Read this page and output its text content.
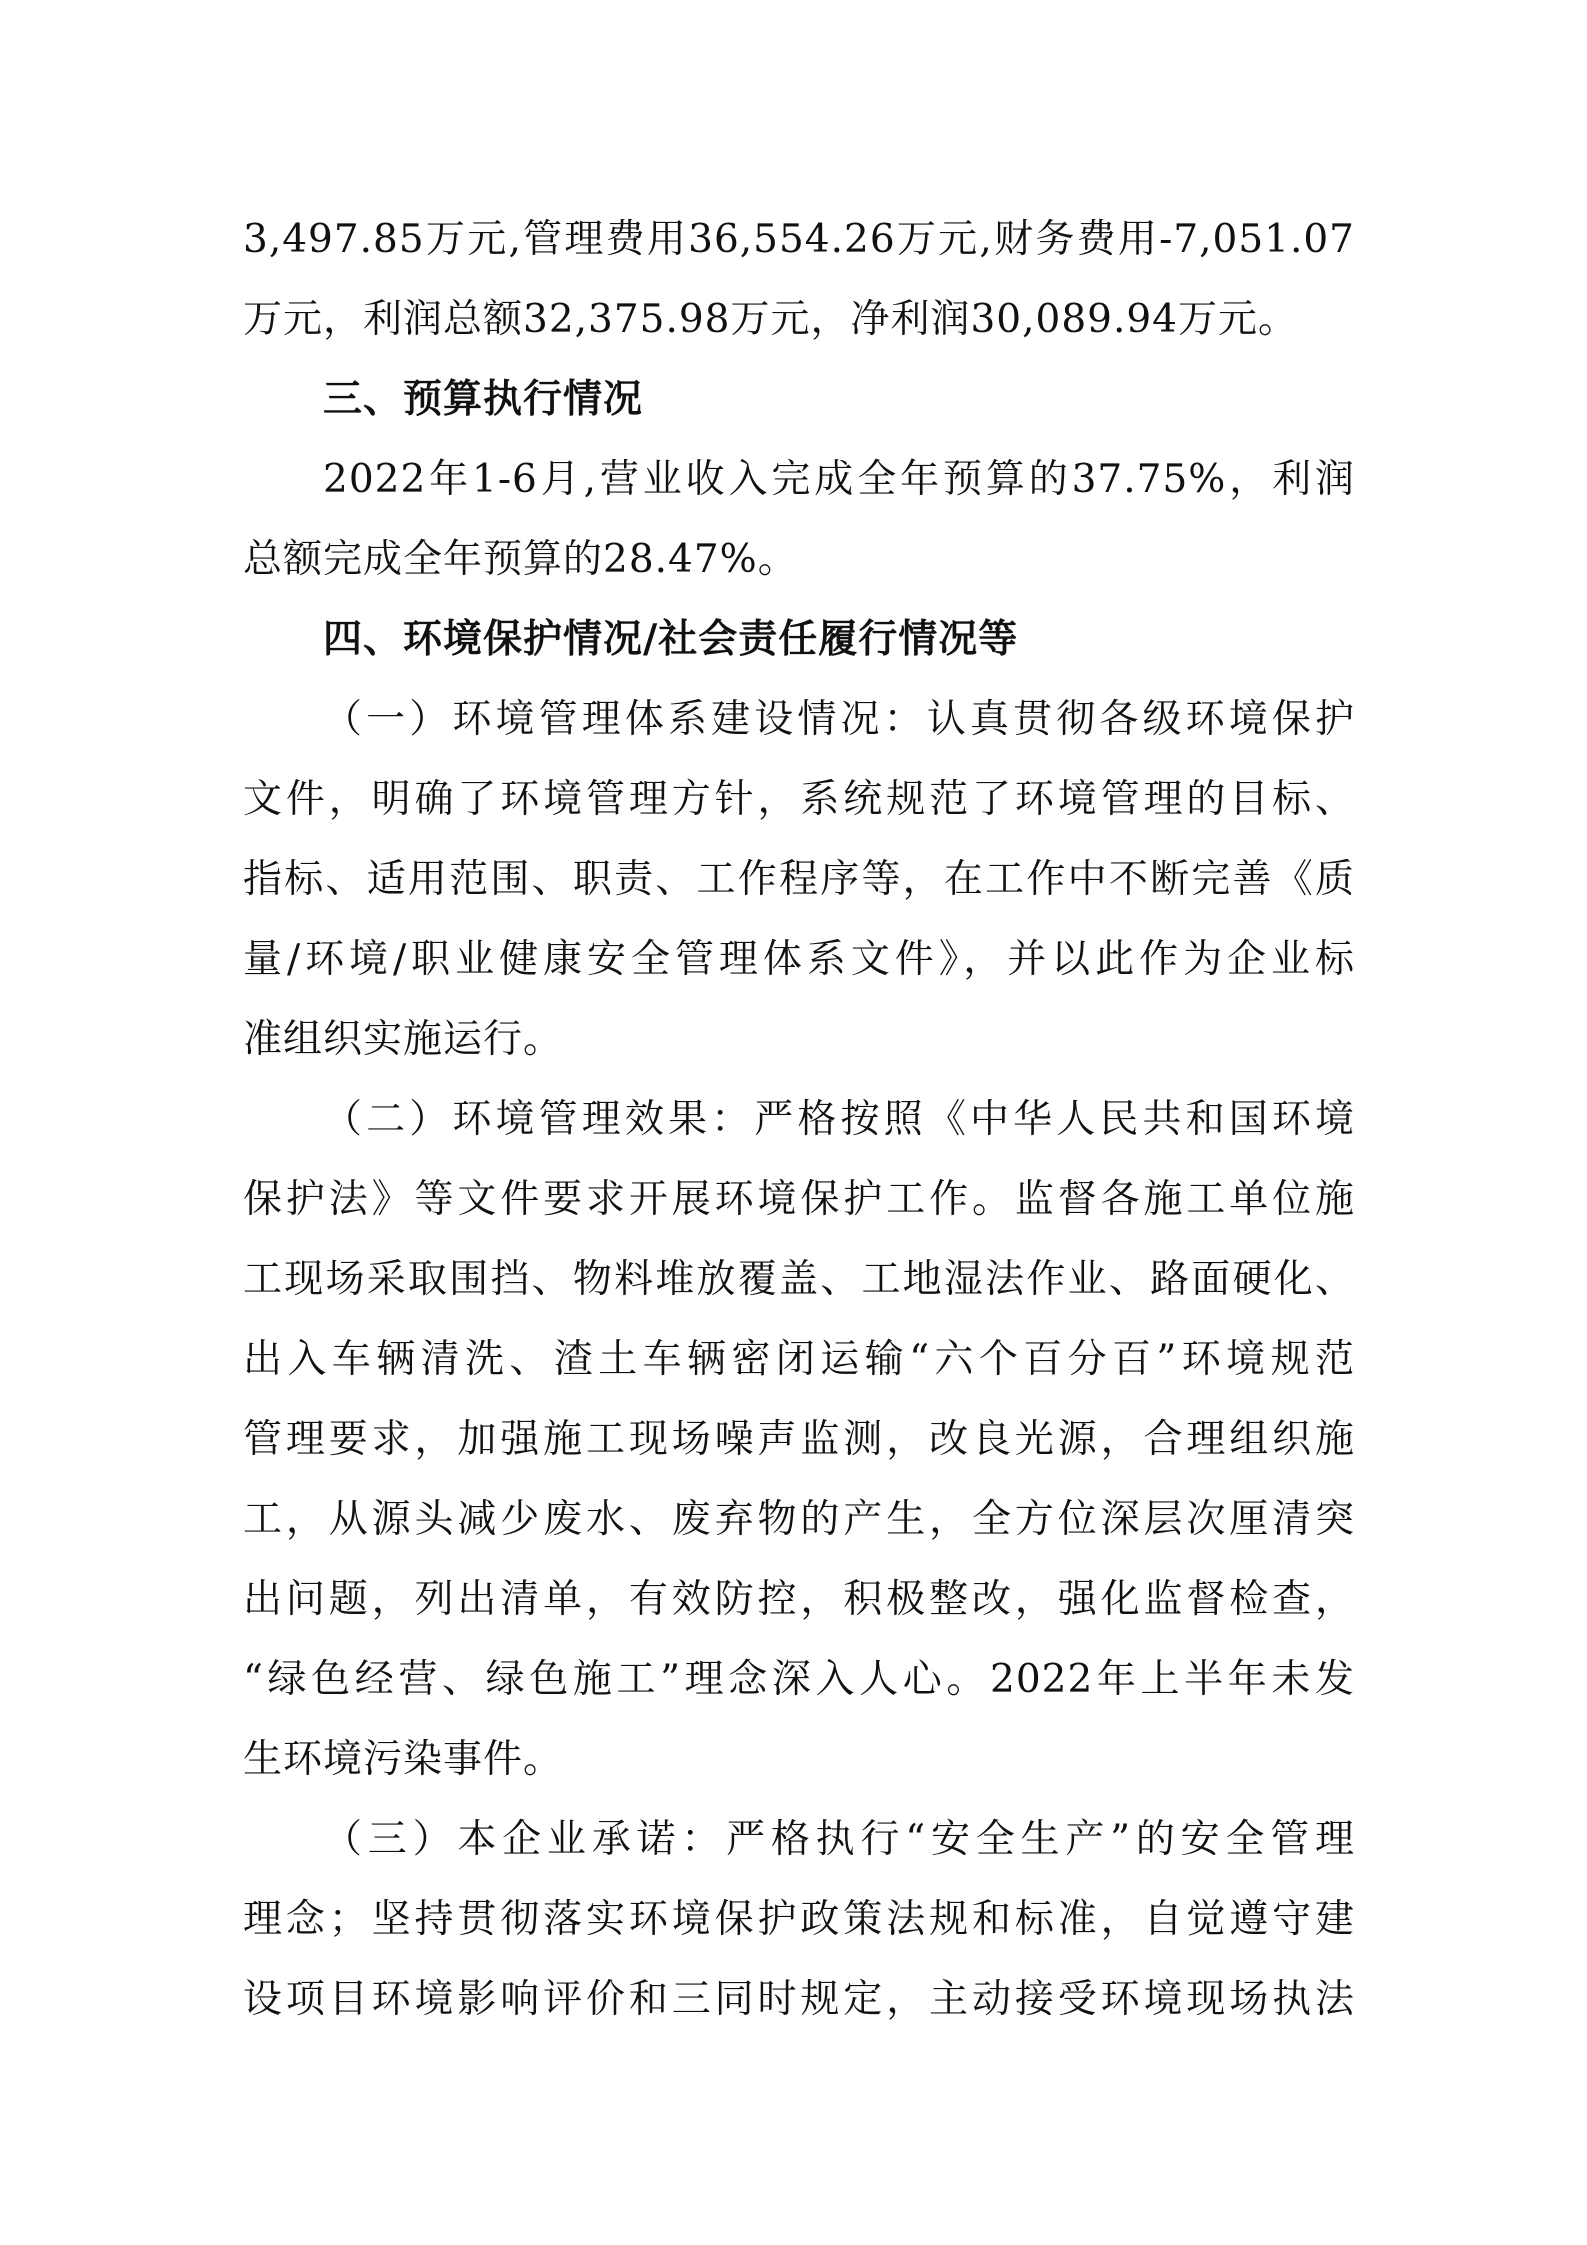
3,497.85万元,管理费用36,554.26万元,财务费用-7,051.07
万元，利润总额32,375.98万元，净利润30,089.94万元。

三、预算执行情况

2022年1-6月,营业收入完成全年预算的37.75%，利润
总额完成全年预算的28.47%。

四、环境保护情况/社会责任履行情况等

（一）环境管理体系建设情况：认真贯彻各级环境保护
文件，明确了环境管理方针，系统规范了环境管理的目标、
指标、适用范围、职责、工作程序等，在工作中不断完善《质
量/环境/职业健康安全管理体系文件》，并以此作为企业标
准组织实施运行。

（二）环境管理效果：严格按照《中华人民共和国环境
保护法》等文件要求开展环境保护工作。监督各施工单位施
工现场采取围挡、物料堆放覆盖、工地湿法作业、路面硬化、
出入车辆清洗、渣土车辆密闭运输“六个百分百”环境规范
管理要求，加强施工现场噪声监测，改良光源，合理组织施
工，从源头减少废水、废弃物的产生，全方位深层次厘清突
出问题，列出清单，有效防控，积极整改，强化监督检查，
“绿色经营、绿色施工”理念深入人心。2022年上半年未发
生环境污染事件。

（三）本企业承诺：严格执行“安全生产”的安全管理
理念；坚持贯彻落实环境保护政策法规和标准，自觉遵守建
设项目环境影响评价和三同时规定，主动接受环境现场执法
